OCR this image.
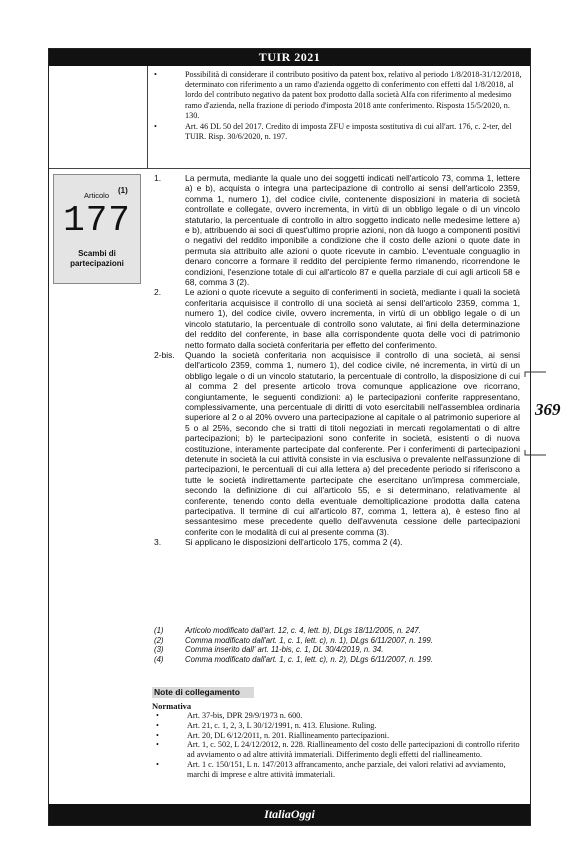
TUIR 2021
•	Possibilità di considerare il contributo positivo da patent box, relativo al periodo 1/8/2018-31/12/2018, determinato con riferimento a un ramo d'azienda oggetto di conferimento con effetti dal 1/8/2018, al lordo del contributo negativo da patent box prodotto dalla società Alfa con riferimento al medesimo ramo d'azienda, nella frazione di periodo d'imposta 2018 ante conferimento. Risposta 15/5/2020, n. 130.
•	Art. 46 DL 50 del 2017. Credito di imposta ZFU e imposta sostitutiva di cui all'art. 176, c. 2-ter, del TUIR. Risp. 30/6/2020, n. 197.
Articolo
(1)
177
Scambi di partecipazioni
1.	La permuta, mediante la quale uno dei soggetti indicati nell'articolo 73, comma 1, lettere a) e b), acquista o integra una partecipazione di controllo ai sensi dell'articolo 2359, comma 1, numero 1), del codice civile, contenente disposizioni in materia di società controllate e collegate, ovvero incrementa, in virtù di un obbligo legale o di un vincolo statutario, la percentuale di controllo in altro soggetto indicato nelle medesime lettere a) e b), attribuendo ai soci di quest'ultimo proprie azioni, non dà luogo a componenti positivi o negativi del reddito imponibile a condizione che il costo delle azioni o quote date in permuta sia attribuito alle azioni o quote ricevute in cambio. L'eventuale conguaglio in denaro concorre a formare il reddito del percipiente fermo rimanendo, ricorrendone le condizioni, l'esenzione totale di cui all'articolo 87 e quella parziale di cui agli articoli 58 e 68, comma 3 (2).
2.	Le azioni o quote ricevute a seguito di conferimenti in società, mediante i quali la società conferitaria acquisisce il controllo di una società ai sensi dell'articolo 2359, comma 1, numero 1), del codice civile, ovvero incrementa, in virtù di un obbligo legale o di un vincolo statutario, la percentuale di controllo sono valutate, ai fini della determinazione del reddito del conferente, in base alla corrispondente quota delle voci di patrimonio netto formato dalla società conferitaria per effetto del conferimento.
2-bis. Quando la società conferitaria non acquisisce il controllo di una società, ai sensi dell'articolo 2359, comma 1, numero 1), del codice civile, né incrementa, in virtù di un obbligo legale o di un vincolo statutario, la percentuale di controllo, la disposizione di cui al comma 2 del presente articolo trova comunque applicazione ove ricorrano, congiuntamente, le seguenti condizioni: a) le partecipazioni conferite rappresentano, complessivamente, una percentuale di diritti di voto esercitabili nell'assemblea ordinaria superiore al 2 o al 20% ovvero una partecipazione al capitale o al patrimonio superiore al 5 o al 25%, secondo che si tratti di titoli negoziati in mercati regolamentati o di altre partecipazioni; b) le partecipazioni sono conferite in società, esistenti o di nuova costituzione, interamente partecipate dal conferente. Per i conferimenti di partecipazioni detenute in società la cui attività consiste in via esclusiva o prevalente nell'assunzione di partecipazioni, le percentuali di cui alla lettera a) del precedente periodo si riferiscono a tutte le società indirettamente partecipate che esercitano un'impresa commerciale, secondo la definizione di cui all'articolo 55, e si determinano, relativamente al conferente, tenendo conto della eventuale demoltiplicazione prodotta dalla catena partecipativa. Il termine di cui all'articolo 87, comma 1, lettera a), è esteso fino al sessantesimo mese precedente quello dell'avvenuta cessione delle partecipazioni conferite con le modalità di cui al presente comma (3).
3.	Si applicano le disposizioni dell'articolo 175, comma 2 (4).
(1)	Articolo modificato dall'art. 12, c. 4, lett. b), DLgs 18/11/2005, n. 247.
(2)	Comma modificato dall'art. 1, c. 1, lett. c), n. 1), DLgs 6/11/2007, n. 199.
(3)	Comma inserito dall' art. 11-bis, c. 1, DL 30/4/2019, n. 34.
(4)	Comma modificato dall'art. 1, c. 1, lett. c), n. 2), DLgs 6/11/2007, n. 199.
Note di collegamento
Normativa
•	Art. 37-bis, DPR 29/9/1973 n. 600.
•	Art. 21, c. 1, 2, 3, L 30/12/1991, n. 413. Elusione. Ruling.
•	Art. 20, DL 6/12/2011, n. 201. Riallineamento partecipazioni.
•	Art. 1, c. 502, L 24/12/2012, n. 228. Riallineamento del costo delle partecipazioni di controllo riferito ad avviamento o ad altre attività immateriali. Differimento degli effetti del riallineamento.
•	Art. 1 c. 150/151, L n. 147/2013 affrancamento, anche parziale, dei valori relativi ad avviamento, marchi di imprese e altre attività immateriali.
369
ItaliaOggi
